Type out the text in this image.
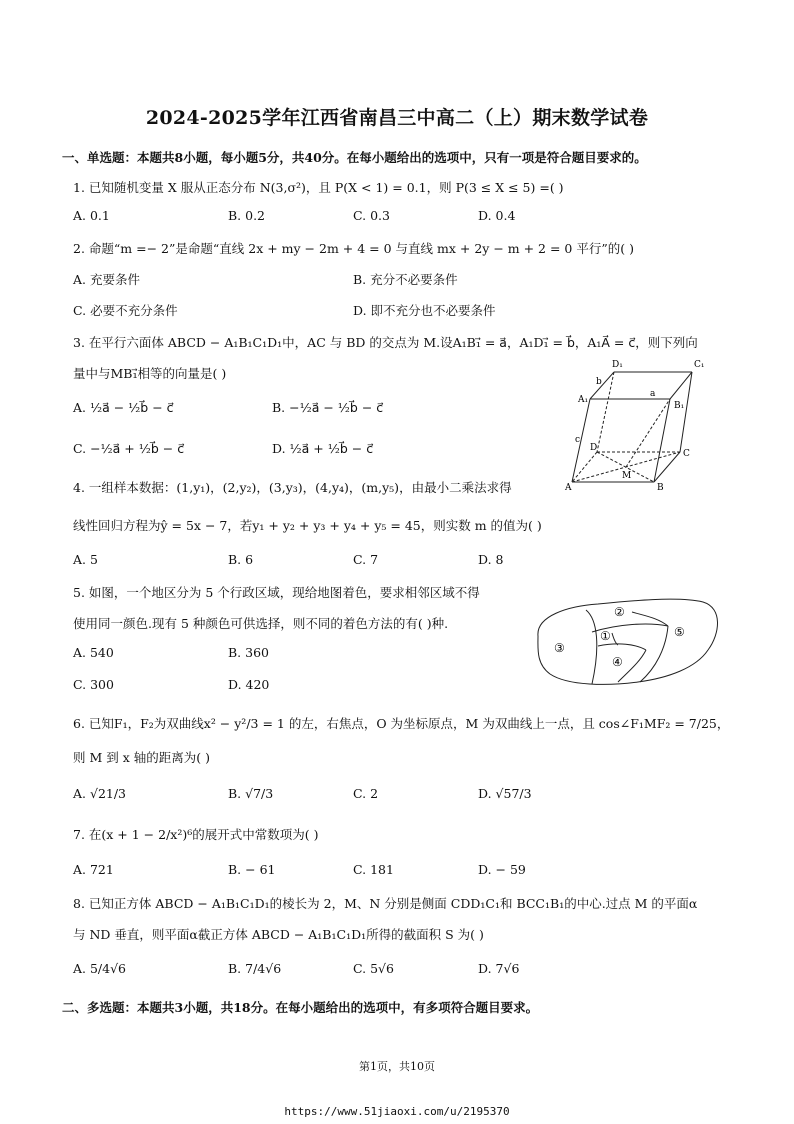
2024-2025学年江西省南昌三中高二（上）期末数学试卷
一、单选题：本题共8小题，每小题5分，共40分。在每小题给出的选项中，只有一项是符合题目要求的。
1. 已知随机变量 X 服从正态分布 N(3,σ²)，且 P(X < 1) = 0.1，则 P(3 ≤ X ≤ 5) =( )
A. 0.1	B. 0.2	C. 0.3	D. 0.4
2. 命题“m =− 2”是命题“直线 2x + my − 2m + 4 = 0 与直线 mx + 2y − m + 2 = 0 平行”的( )
A. 充要条件	B. 充分不必要条件
C. 必要不充分条件	D. 即不充分也不必要条件
3. 在平行六面体 ABCD − A₁B₁C₁D₁中，AC 与 BD 的交点为 M.设A₁B₁⃗ = a⃗，A₁D₁⃗ = b⃗，A₁A⃗ = c⃗，则下列向
量中与MB₁⃗相等的向量是( )
A. ½a⃗ − ½b⃗ − c⃗	B. −½a⃗ − ½b⃗ − c⃗
C. −½a⃗ + ½b⃗ − c⃗	D. ½a⃗ + ½b⃗ − c⃗
D₁	C₁
A₁
B₁
D
C
A	B
M
a
b
c
4. 一组样本数据：(1,y₁)，(2,y₂)，(3,y₃)，(4,y₄)，(m,y₅)，由最小二乘法求得
线性回归方程为ŷ = 5x − 7，若y₁ + y₂ + y₃ + y₄ + y₅ = 45，则实数 m 的值为( )
A. 5	B. 6	C. 7	D. 8
5. 如图，一个地区分为 5 个行政区域，现给地图着色，要求相邻区域不得
使用同一颜色.现有 5 种颜色可供选择，则不同的着色方法的有( )种.
A. 540	B. 360
C. 300	D. 420
②
①	⑤
③
④
6. 已知F₁，F₂为双曲线x² − y²/3 = 1 的左，右焦点，O 为坐标原点，M 为双曲线上一点，且 cos∠F₁MF₂ = 7/25，
则 M 到 x 轴的距离为( )
A. √21/3	B. √7/3	C. 2	D. √57/3
7. 在(x + 1 − 2/x²)⁶的展开式中常数项为( )
A. 721	B. − 61	C. 181	D. − 59
8. 已知正方体 ABCD − A₁B₁C₁D₁的棱长为 2，M、N 分别是侧面 CDD₁C₁和 BCC₁B₁的中心.过点 M 的平面α
与 ND 垂直，则平面α截正方体 ABCD − A₁B₁C₁D₁所得的截面积 S 为( )
A. 5/4√6	B. 7/4√6	C. 5√6	D. 7√6
二、多选题：本题共3小题，共18分。在每小题给出的选项中，有多项符合题目要求。
第1页，共10页
https://www.51jiaoxi.com/u/2195370
